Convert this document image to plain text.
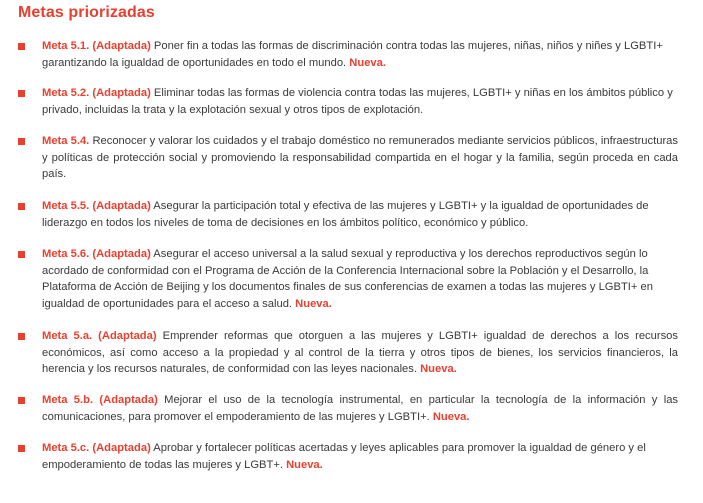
Metas priorizadas
Meta 5.1. (Adaptada) Poner fin a todas las formas de discriminación contra todas las mujeres, niñas, niños y niñes y LGBTI+ garantizando la igualdad de oportunidades en todo el mundo. Nueva.
Meta 5.2. (Adaptada) Eliminar todas las formas de violencia contra todas las mujeres, LGBTI+ y niñas en los ámbitos público y privado, incluidas la trata y la explotación sexual y otros tipos de explotación.
Meta 5.4. Reconocer y valorar los cuidados y el trabajo doméstico no remunerados mediante servicios públicos, infraestructuras y políticas de protección social y promoviendo la responsabilidad compartida en el hogar y la familia, según proceda en cada país.
Meta 5.5. (Adaptada) Asegurar la participación total y efectiva de las mujeres y LGBTI+ y la igualdad de oportunidades de liderazgo en todos los niveles de toma de decisiones en los ámbitos político, económico y público.
Meta 5.6. (Adaptada) Asegurar el acceso universal a la salud sexual y reproductiva y los derechos reproductivos según lo acordado de conformidad con el Programa de Acción de la Conferencia Internacional sobre la Población y el Desarrollo, la Plataforma de Acción de Beijing y los documentos finales de sus conferencias de examen a todas las mujeres y LGBTI+ en igualdad de oportunidades para el acceso a salud. Nueva.
Meta 5.a. (Adaptada) Emprender reformas que otorguen a las mujeres y LGBTI+ igualdad de derechos a los recursos económicos, así como acceso a la propiedad y al control de la tierra y otros tipos de bienes, los servicios financieros, la herencia y los recursos naturales, de conformidad con las leyes nacionales. Nueva.
Meta 5.b. (Adaptada) Mejorar el uso de la tecnología instrumental, en particular la tecnología de la información y las comunicaciones, para promover el empoderamiento de las mujeres y LGBTI+. Nueva.
Meta 5.c. (Adaptada) Aprobar y fortalecer políticas acertadas y leyes aplicables para promover la igualdad de género y el empoderamiento de todas las mujeres y LGBT+. Nueva.
